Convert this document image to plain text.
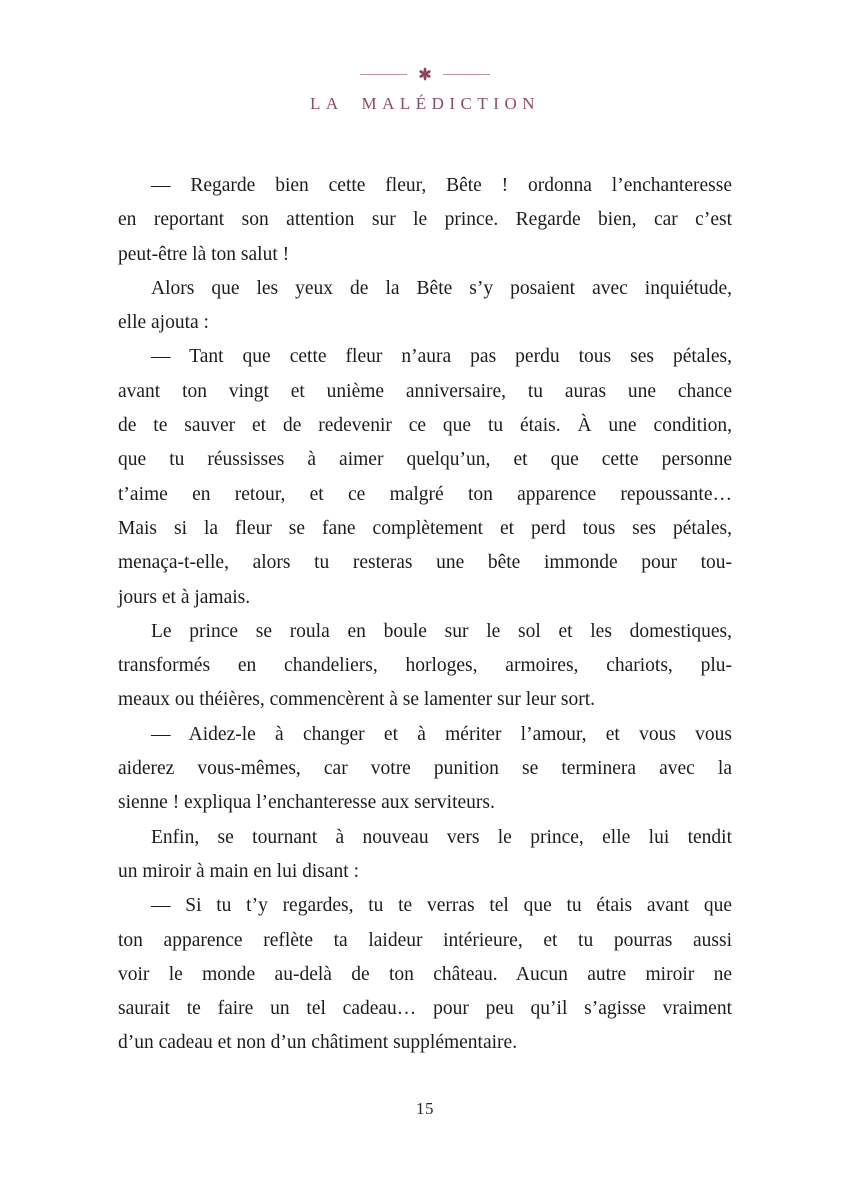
LA MALÉDICTION
— Regarde bien cette fleur, Bête ! ordonna l’enchanteresse
en reportant son attention sur le prince. Regarde bien, car c’est
peut-être là ton salut !
Alors que les yeux de la Bête s’y posaient avec inquiétude,
elle ajouta :
— Tant que cette fleur n’aura pas perdu tous ses pétales,
avant ton vingt et unième anniversaire, tu auras une chance
de te sauver et de redevenir ce que tu étais. À une condition,
que tu réussisses à aimer quelqu’un, et que cette personne
t’aime en retour, et ce malgré ton apparence repoussante…
Mais si la fleur se fane complètement et perd tous ses pétales,
menaça-t-elle, alors tu resteras une bête immonde pour tou-
jours et à jamais.
Le prince se roula en boule sur le sol et les domestiques,
transformés en chandeliers, horloges, armoires, chariots, plu-
meaux ou théières, commencèrent à se lamenter sur leur sort.
— Aidez-le à changer et à mériter l’amour, et vous vous
aiderez vous-mêmes, car votre punition se terminera avec la
sienne ! expliqua l’enchanteresse aux serviteurs.
Enfin, se tournant à nouveau vers le prince, elle lui tendit
un miroir à main en lui disant :
— Si tu t’y regardes, tu te verras tel que tu étais avant que
ton apparence reflète ta laideur intérieure, et tu pourras aussi
voir le monde au-delà de ton château. Aucun autre miroir ne
saurait te faire un tel cadeau… pour peu qu’il s’agisse vraiment
d’un cadeau et non d’un châtiment supplémentaire.
15
